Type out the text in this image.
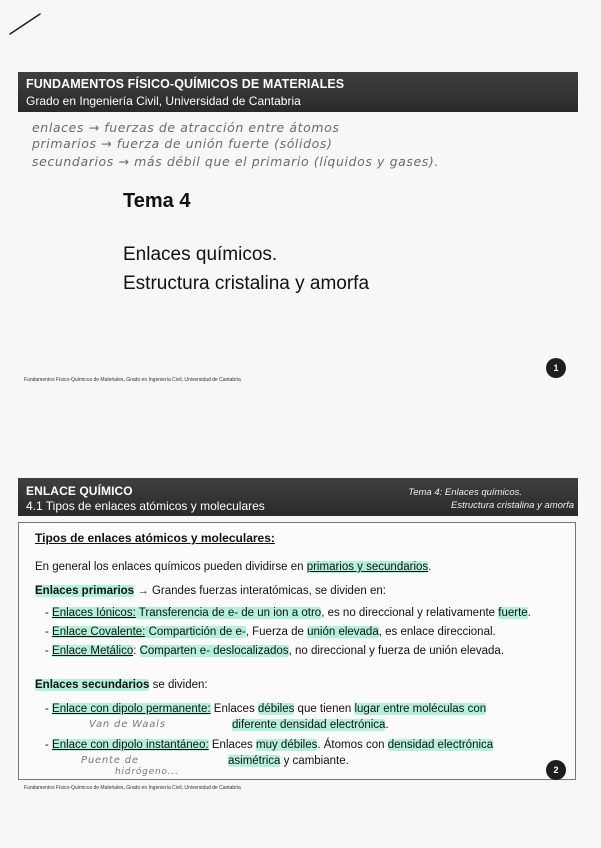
FUNDAMENTOS FÍSICO-QUÍMICOS DE MATERIALES
Grado en Ingeniería Civil, Universidad de Cantabria
enlaces → fuerzas de atracción entre átomos
primarios → fuerza de unión fuerte (sólidos)
secundarios → más débil que el primario (líquidos y gases).
Tema 4
Enlaces químicos.
Estructura cristalina y amorfa
Fundamentos Físico-Químicos de Materiales, Grado en Ingeniería Civil, Universidad de Cantabria
1
ENLACE QUÍMICO
4.1 Tipos de enlaces atómicos y moleculares
Tema 4: Enlaces químicos.
Estructura cristalina y amorfa
Tipos de enlaces atómicos y moleculares:
En general los enlaces químicos pueden dividirse en primarios y secundarios.
Enlaces primarios → Grandes fuerzas interatómicas, se dividen en:
- Enlaces Iónicos: Transferencia de e- de un ion a otro, es no direccional y relativamente fuerte.
- Enlace Covalente: Compartición de e-, Fuerza de unión elevada, es enlace direccional.
- Enlace Metálico: Comparten e- deslocalizados, no direccional y fuerza de unión elevada.
Enlaces secundarios se dividen:
- Enlace con dipolo permanente: Enlaces débiles que tienen lugar entre moléculas con
diferente densidad electrónica.
Van de Waals
- Enlace con dipolo instantáneo: Enlaces muy débiles. Átomos con densidad electrónica
asimétrica y cambiante.
Puente de
hidrógeno...
Fundamentos Físico-Químicos de Materiales, Grado en Ingeniería Civil, Universidad de Cantabria
2
